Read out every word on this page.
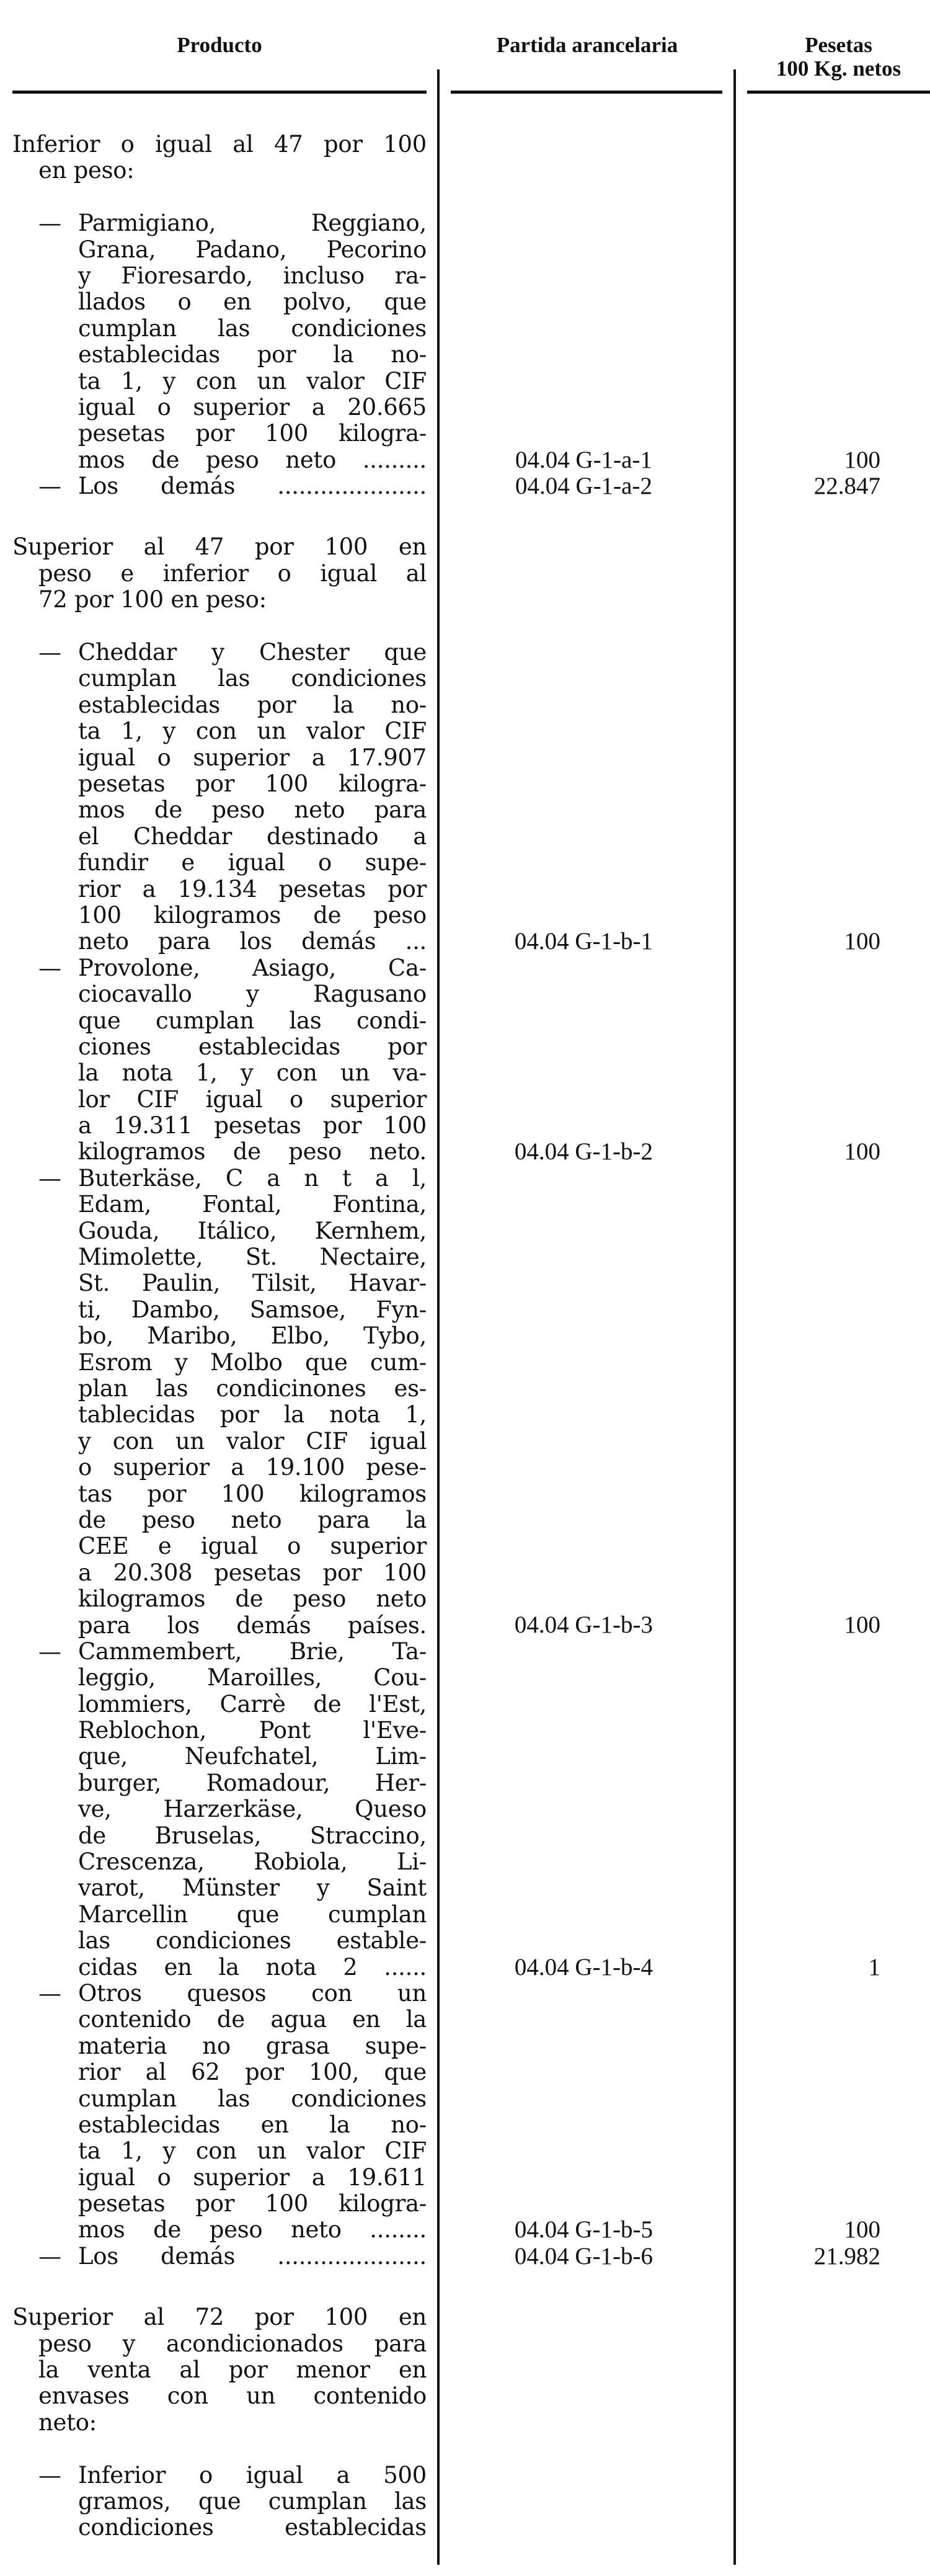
Producto	Partida arancelaria	Pesetas
100 Kg. netos
Inferior o igual al 47 por 100
en peso:
— Parmigiano, Reggiano,
Grana, Padano, Pecorino
y Fioresardo, incluso ra-
llados o en polvo, que
cumplan las condiciones
establecidas por la no-
ta 1, y con un valor CIF
igual o superior a 20.665
pesetas por 100 kilogra-
mos de peso neto .........	04.04 G-1-a-1	100
— Los demás .....................	04.04 G-1-a-2	22.847
Superior al 47 por 100 en
peso e inferior o igual al
72 por 100 en peso:
— Cheddar y Chester que
cumplan las condiciones
establecidas por la no-
ta 1, y con un valor CIF
igual o superior a 17.907
pesetas por 100 kilogra-
mos de peso neto para
el Cheddar destinado a
fundir e igual o supe-
rior a 19.134 pesetas por
100 kilogramos de peso
neto para los demás ...	04.04 G-1-b-1	100
— Provolone, Asiago, Ca-
ciocavallo y Ragusano
que cumplan las condi-
ciones establecidas por
la nota 1, y con un va-
lor CIF igual o superior
a 19.311 pesetas por 100
kilogramos de peso neto.	04.04 G-1-b-2	100
— Buterkäse, C a n t a l,
Edam, Fontal, Fontina,
Gouda, Itálico, Kernhem,
Mimolette, St. Nectaire,
St. Paulin, Tilsit, Havar-
ti, Dambo, Samsoe, Fyn-
bo, Maribo, Elbo, Tybo,
Esrom y Molbo que cum-
plan las condicinones es-
tablecidas por la nota 1,
y con un valor CIF igual
o superior a 19.100 pese-
tas por 100 kilogramos
de peso neto para la
CEE e igual o superior
a 20.308 pesetas por 100
kilogramos de peso neto
para los demás países.	04.04 G-1-b-3	100
— Cammembert, Brie, Ta-
leggio, Maroilles, Cou-
lommiers, Carrè de l'Est,
Reblochon, Pont l'Eve-
que, Neufchatel, Lim-
burger, Romadour, Her-
ve, Harzerkäse, Queso
de Bruselas, Straccino,
Crescenza, Robiola, Li-
varot, Münster y Saint
Marcellin que cumplan
las condiciones estable-
cidas en la nota 2 ......	04.04 G-1-b-4	1
— Otros quesos con un
contenido de agua en la
materia no grasa supe-
rior al 62 por 100, que
cumplan las condiciones
establecidas en la no-
ta 1, y con un valor CIF
igual o superior a 19.611
pesetas por 100 kilogra-
mos de peso neto ........	04.04 G-1-b-5	100
— Los demás .....................	04.04 G-1-b-6	21.982
Superior al 72 por 100 en
peso y acondicionados para
la venta al por menor en
envases con un contenido
neto:
— Inferior o igual a 500
gramos, que cumplan las
condiciones establecidas
